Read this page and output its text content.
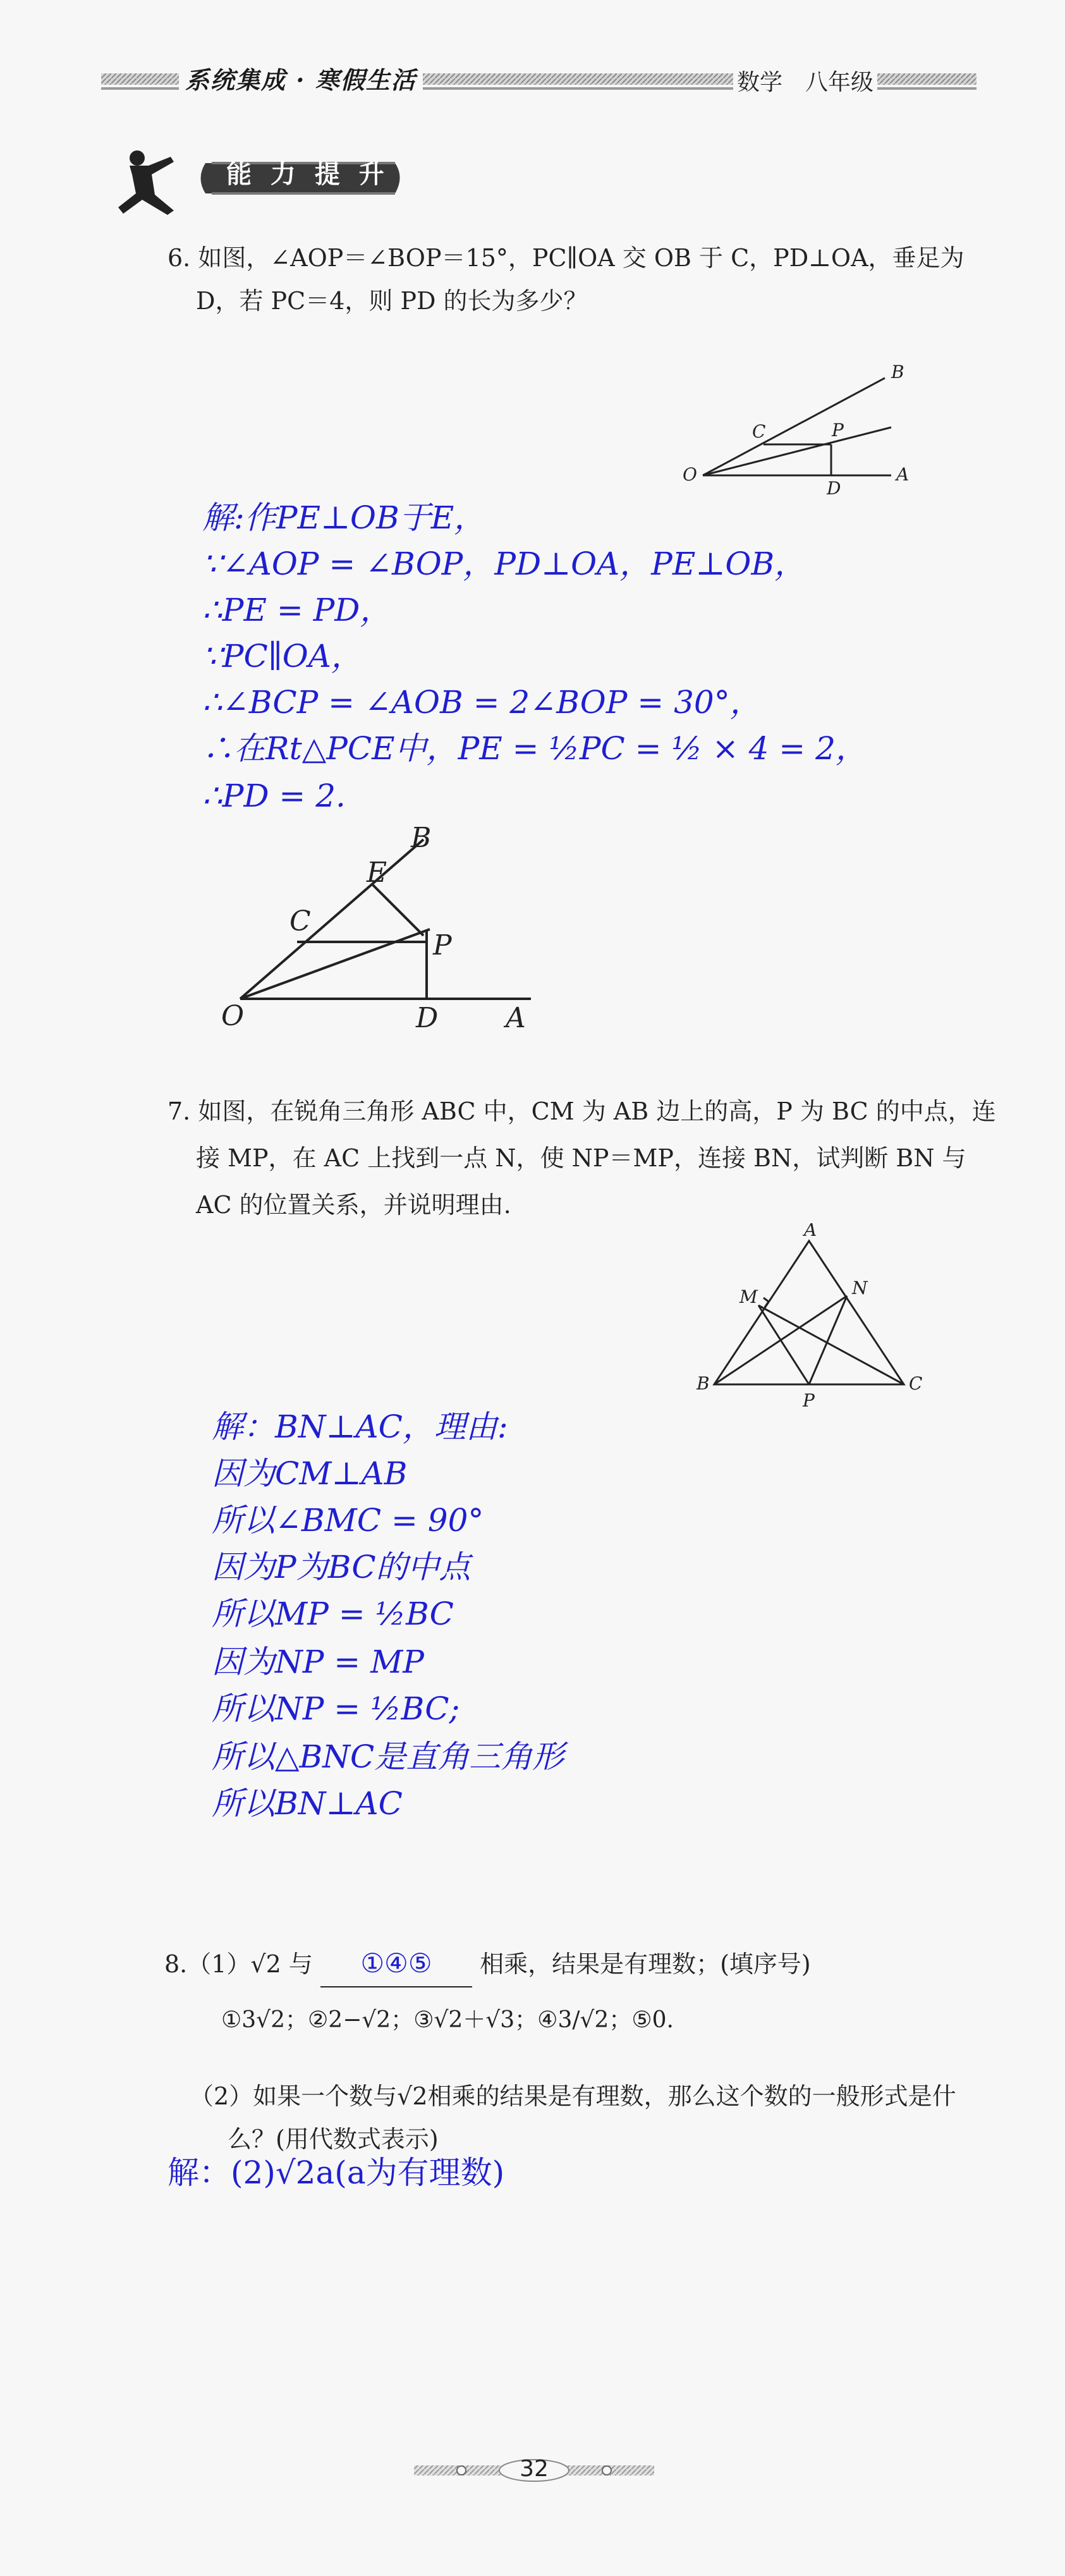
系统集成 · 寒假生活	数学　八年级
能 力 提 升
6. 如图，∠AOP＝∠BOP＝15°，PC∥OA 交 OB 于 C，PD⊥OA，垂足为
D，若 PC＝4，则 PD 的长为多少？
B
C	P
O
D
A
解:作PE⊥OB于E，
∵∠AOP = ∠BOP，PD⊥OA，PE⊥OB，
∴PE = PD，
∵PC∥OA，
∴∠BCP = ∠AOB = 2∠BOP = 30°，
∴在Rt△PCE中，PE = ½PC = ½ × 4 = 2，
∴PD = 2.
B
E
C
P
O	D A
7. 如图，在锐角三角形 ABC 中，CM 为 AB 边上的高，P 为 BC 的中点，连
接 MP，在 AC 上找到一点 N，使 NP＝MP，连接 BN，试判断 BN 与
AC 的位置关系，并说明理由.
A
M	N
B
P
C
解：BN⊥AC，理由:
因为CM⊥AB
所以∠BMC = 90°
因为P为BC的中点
所以MP = ½BC
因为NP = MP
所以NP = ½BC;
所以△BNC是直角三角形
所以BN⊥AC
8.（1）√2 与 ①④⑤ 相乘，结果是有理数；(填序号)
①3√2；②2−√2；③√2＋√3；④3/√2；⑤0.
（2）如果一个数与√2相乘的结果是有理数，那么这个数的一般形式是什
么？(用代数式表示)
解：(2)√2a(a为有理数)
32
